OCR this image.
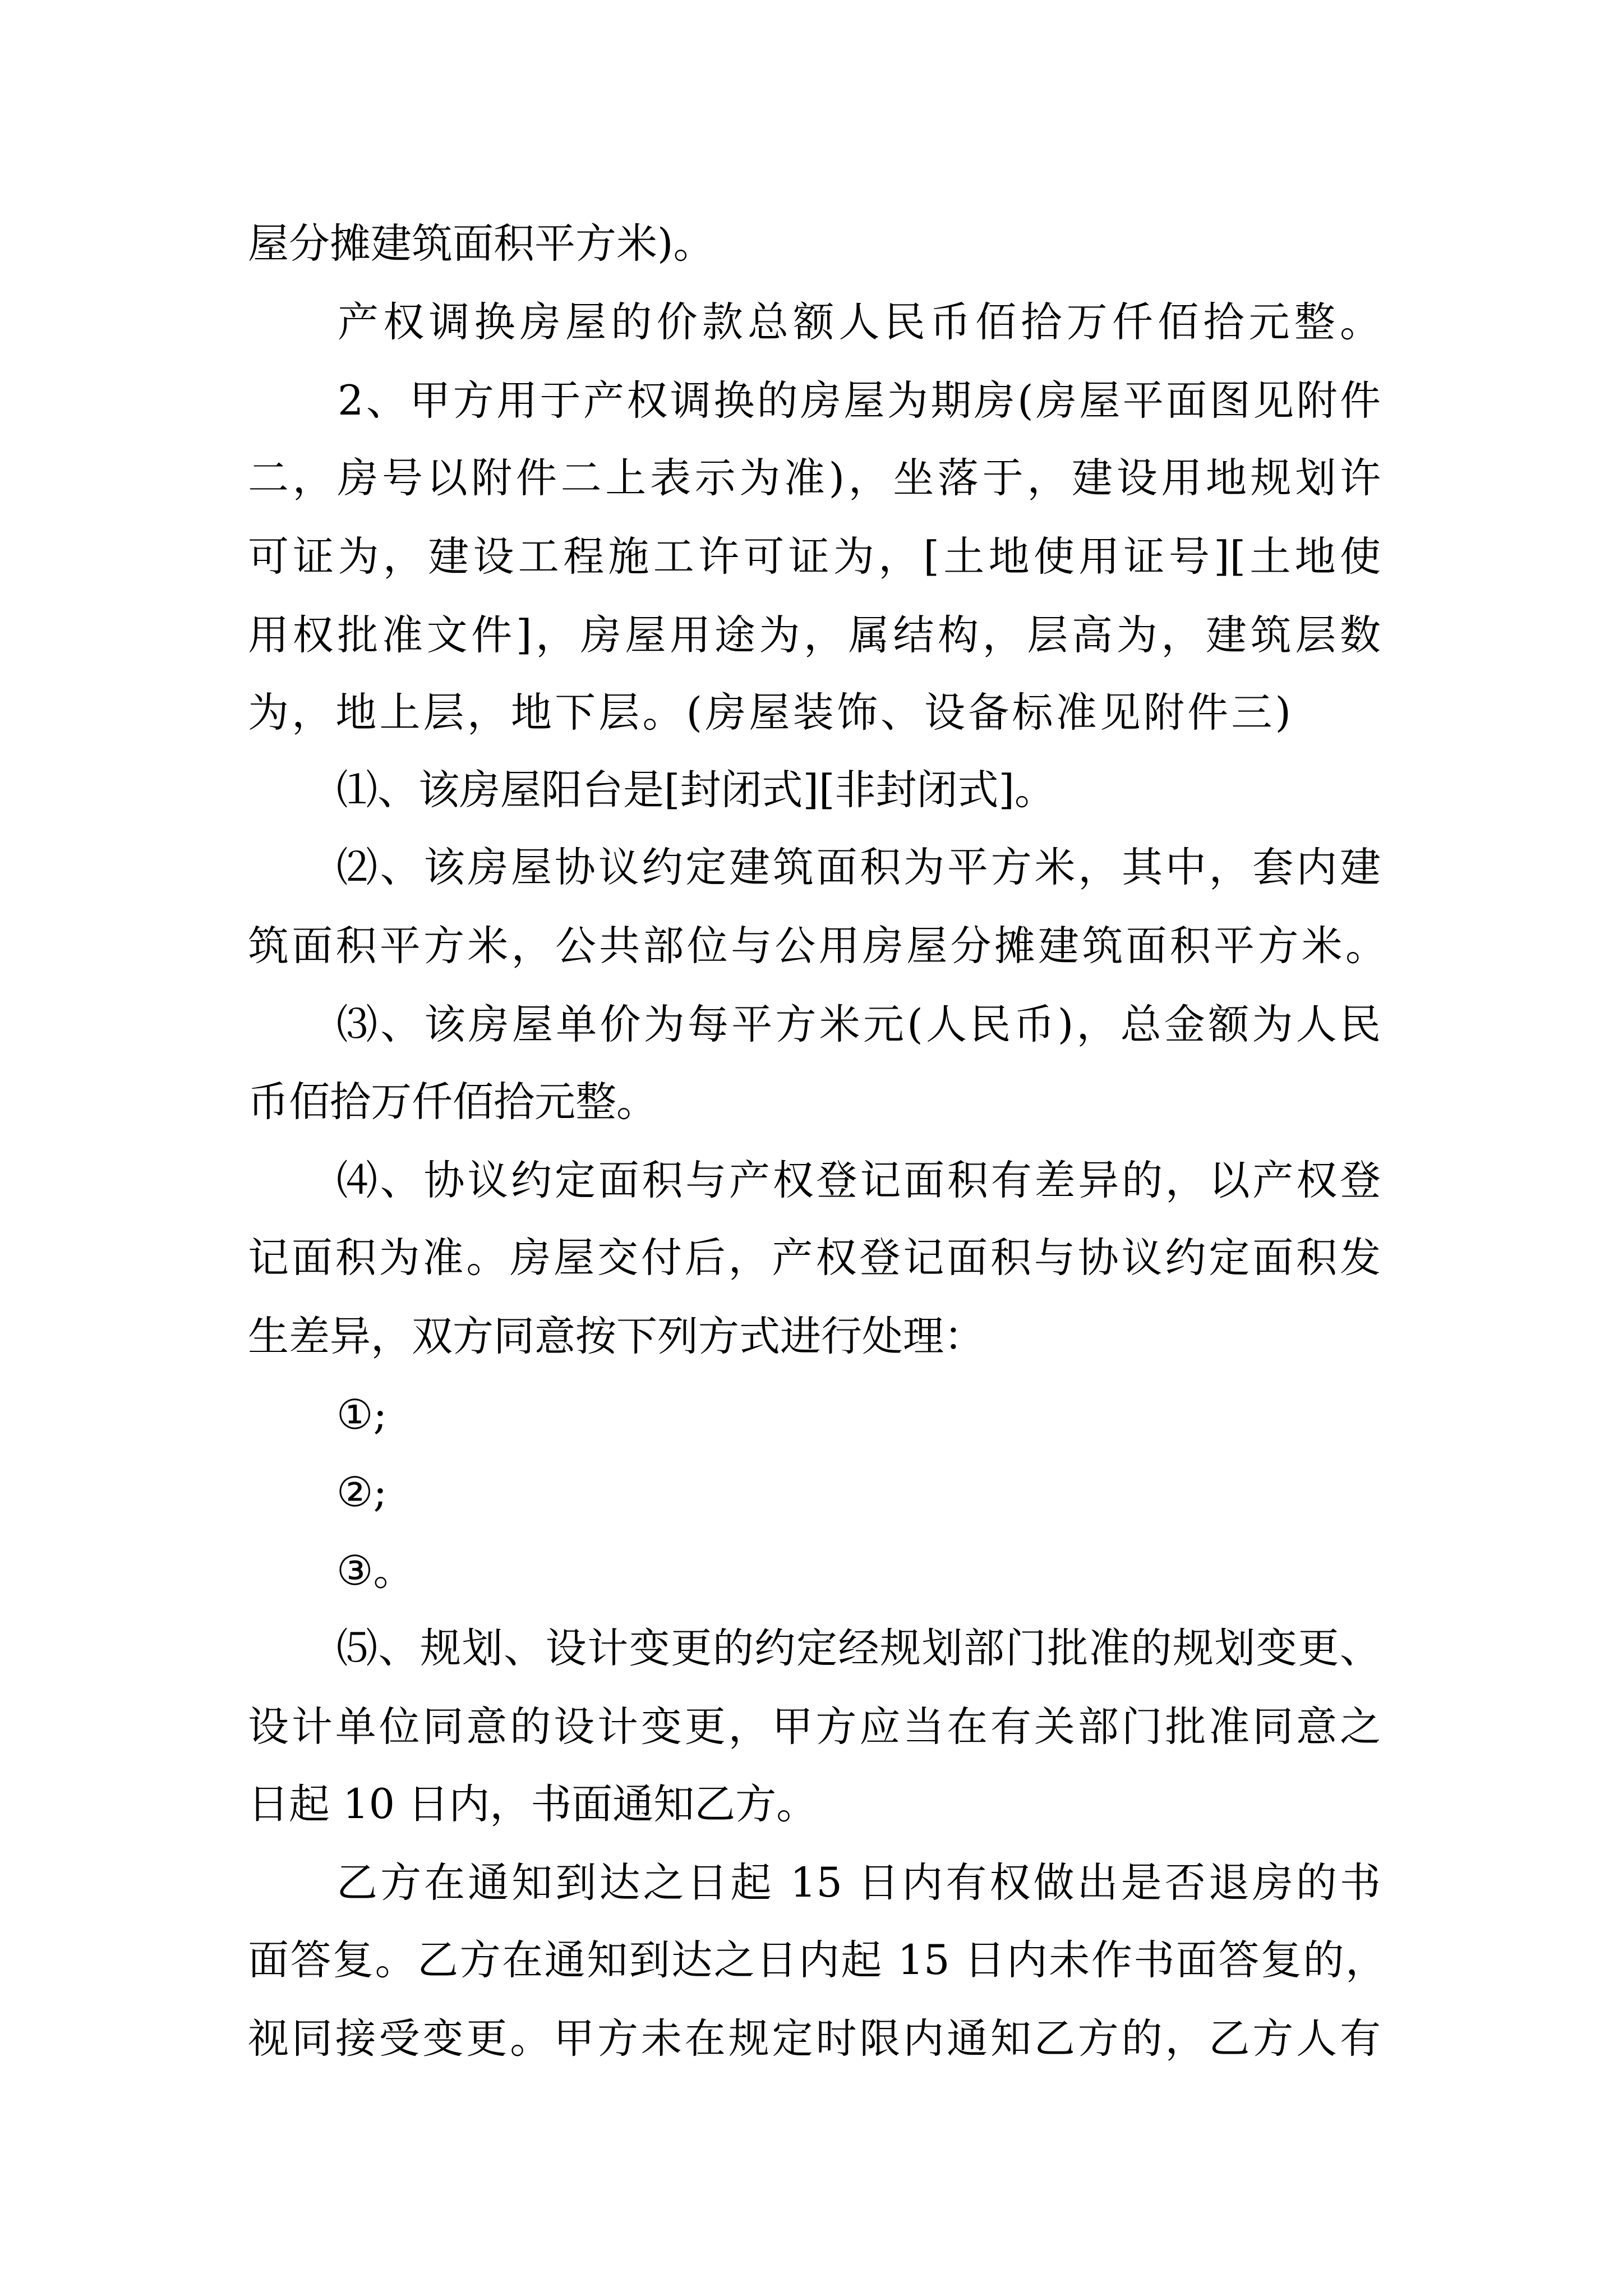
屋分摊建筑面积平方米)。

产权调换房屋的价款总额人民币佰拾万仟佰拾元整。

2、甲方用于产权调换的房屋为期房(房屋平面图见附件

二，房号以附件二上表示为准)，坐落于，建设用地规划许

可证为，建设工程施工许可证为，[土地使用证号][土地使

用权批准文件]，房屋用途为，属结构，层高为，建筑层数

为，地上层，地下层。(房屋装饰、设备标准见附件三)

⑴、该房屋阳台是[封闭式][非封闭式]。

⑵、该房屋协议约定建筑面积为平方米，其中，套内建

筑面积平方米，公共部位与公用房屋分摊建筑面积平方米。

⑶、该房屋单价为每平方米元(人民币)，总金额为人民

币佰拾万仟佰拾元整。

⑷、协议约定面积与产权登记面积有差异的，以产权登

记面积为准。房屋交付后，产权登记面积与协议约定面积发

生差异，双方同意按下列方式进行处理：

①;

②;

③。

⑸、规划、设计变更的约定经规划部门批准的规划变更、

设计单位同意的设计变更，甲方应当在有关部门批准同意之

日起 10 日内，书面通知乙方。

乙方在通知到达之日起 15 日内有权做出是否退房的书

面答复。乙方在通知到达之日内起 15 日内未作书面答复的，

视同接受变更。甲方未在规定时限内通知乙方的，乙方人有
